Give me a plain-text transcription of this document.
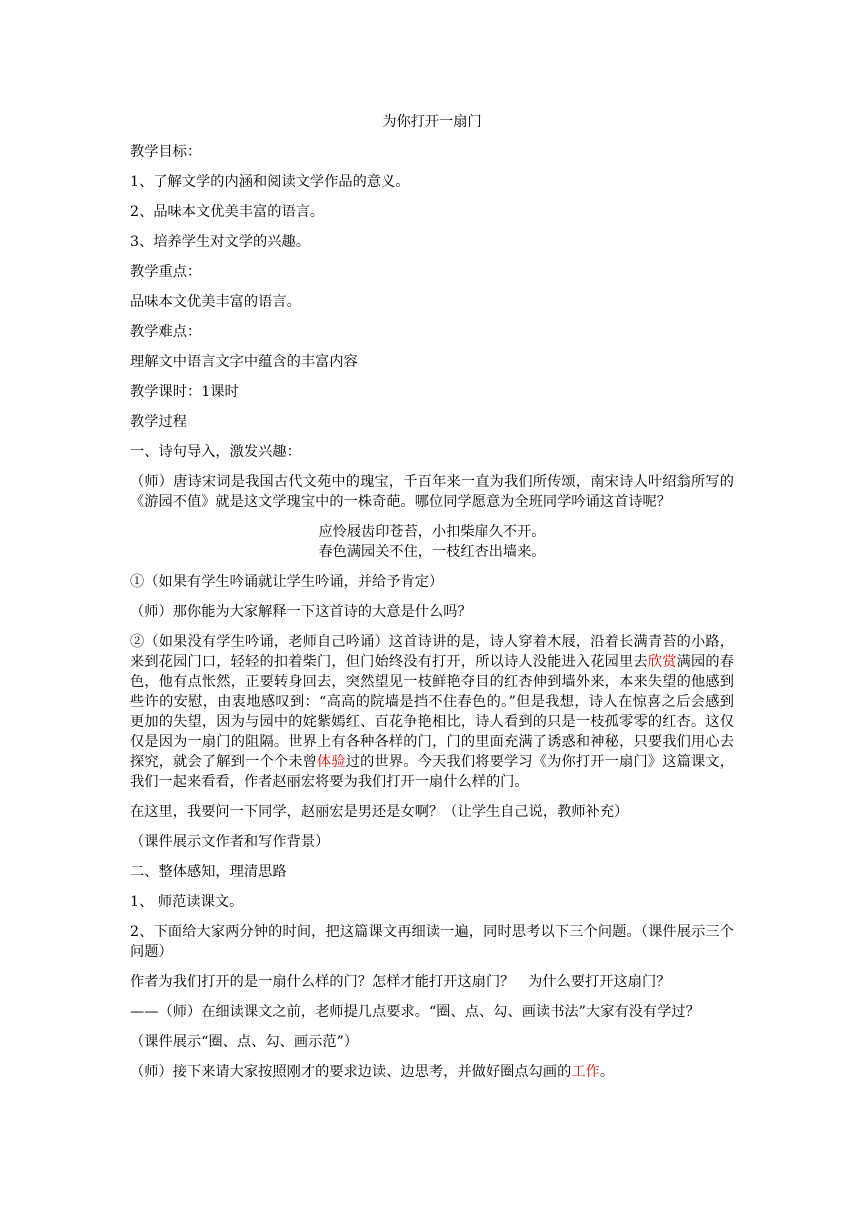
为你打开一扇门
教学目标：
1、了解文学的内涵和阅读文学作品的意义。
2、品味本文优美丰富的语言。
3、培养学生对文学的兴趣。
教学重点：
品味本文优美丰富的语言。
教学难点：
理解文中语言文字中蕴含的丰富内容
教学课时：1课时
教学过程
一、诗句导入，激发兴趣：
（师）唐诗宋词是我国古代文苑中的瑰宝，千百年来一直为我们所传颂，南宋诗人叶绍翁所写的《游园不值》就是这文学瑰宝中的一株奇葩。哪位同学愿意为全班同学吟诵这首诗呢？
应怜屐齿印苍苔，小扣柴扉久不开。
春色满园关不住，一枝红杏出墙来。
①（如果有学生吟诵就让学生吟诵，并给予肯定）
（师）那你能为大家解释一下这首诗的大意是什么吗？
②（如果没有学生吟诵，老师自己吟诵）这首诗讲的是，诗人穿着木屐，沿着长满青苔的小路，来到花园门口，轻轻的扣着柴门，但门始终没有打开，所以诗人没能进入花园里去欣赏满园的春色，他有点怅然，正要转身回去，突然望见一枝鲜艳夺目的红杏伸到墙外来，本来失望的他感到些许的安慰，由衷地感叹到：“高高的院墙是挡不住春色的。”但是我想，诗人在惊喜之后会感到更加的失望，因为与园中的姹紫嫣红、百花争艳相比，诗人看到的只是一枝孤零零的红杏。这仅仅是因为一扇门的阻隔。世界上有各种各样的门，门的里面充满了诱惑和神秘，只要我们用心去探究，就会了解到一个个未曾体验过的世界。今天我们将要学习《为你打开一扇门》这篇课文，我们一起来看看，作者赵丽宏将要为我们打开一扇什么样的门。
在这里，我要问一下同学，赵丽宏是男还是女啊？（让学生自己说，教师补充）
（课件展示文作者和写作背景）
二、整体感知，理清思路
1、 师范读课文。
2、下面给大家两分钟的时间，把这篇课文再细读一遍，同时思考以下三个问题。（课件展示三个问题）
作者为我们打开的是一扇什么样的门？怎样才能打开这扇门？   为什么要打开这扇门？
——（师）在细读课文之前，老师提几点要求。“圈、点、勾、画读书法”大家有没有学过？
（课件展示“圈、点、勾、画示范”）
（师）接下来请大家按照刚才的要求边读、边思考，并做好圈点勾画的工作。
